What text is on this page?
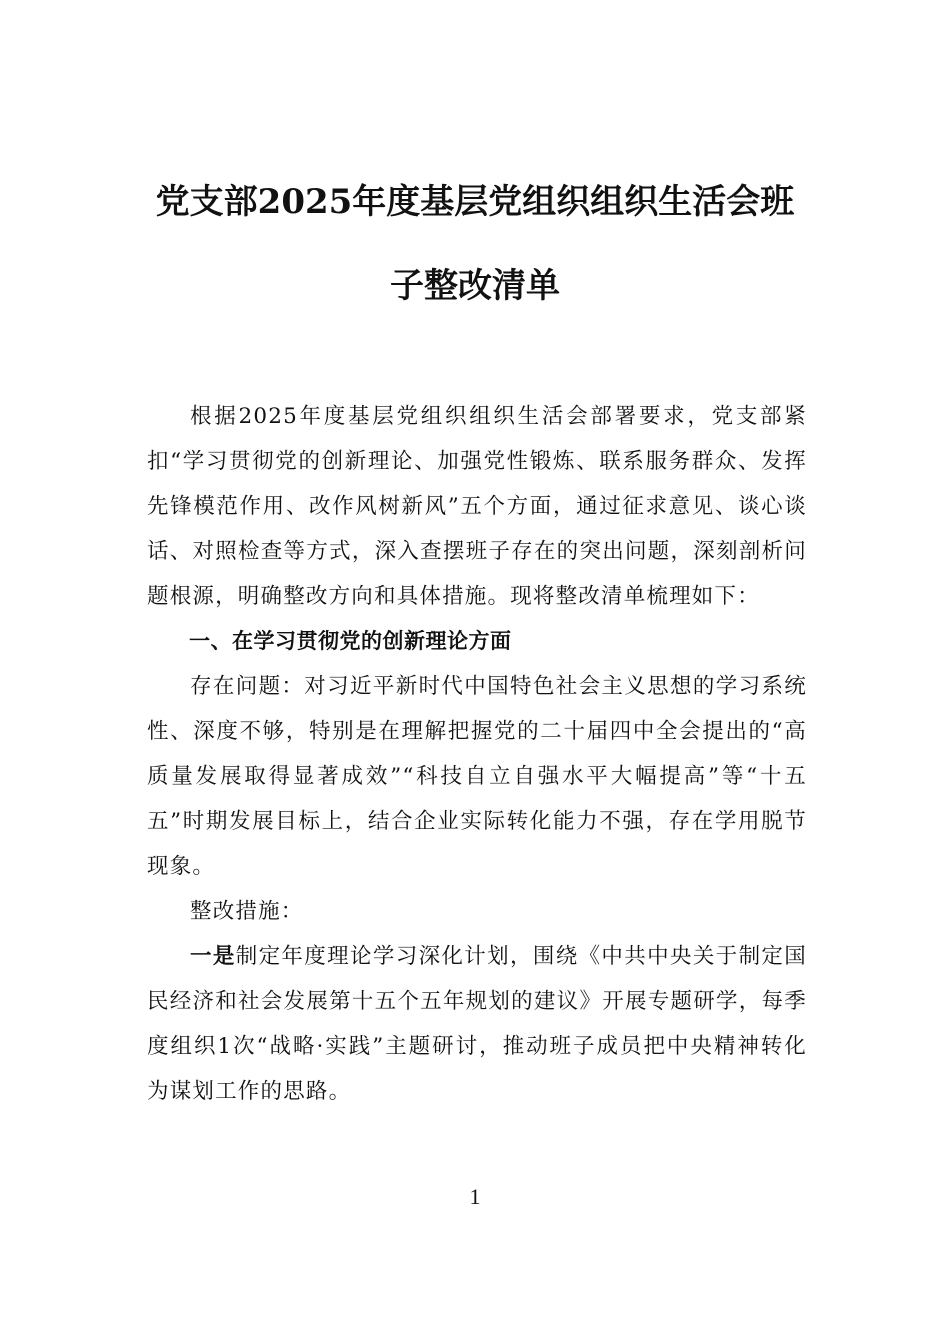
党支部2025年度基层党组织组织生活会班
子整改清单

根据2025年度基层党组织组织生活会部署要求，党支部紧扣“学习贯彻党的创新理论、加强党性锻炼、联系服务群众、发挥先锋模范作用、改作风树新风”五个方面，通过征求意见、谈心谈话、对照检查等方式，深入查摆班子存在的突出问题，深刻剖析问题根源，明确整改方向和具体措施。现将整改清单梳理如下：

一、在学习贯彻党的创新理论方面

存在问题：对习近平新时代中国特色社会主义思想的学习系统性、深度不够，特别是在理解把握党的二十届四中全会提出的“高质量发展取得显著成效”“科技自立自强水平大幅提高”等“十五五”时期发展目标上，结合企业实际转化能力不强，存在学用脱节现象。

整改措施：

一是制定年度理论学习深化计划，围绕《中共中央关于制定国民经济和社会发展第十五个五年规划的建议》开展专题研学，每季度组织1次“战略·实践”主题研讨，推动班子成员把中央精神转化为谋划工作的思路。

1
